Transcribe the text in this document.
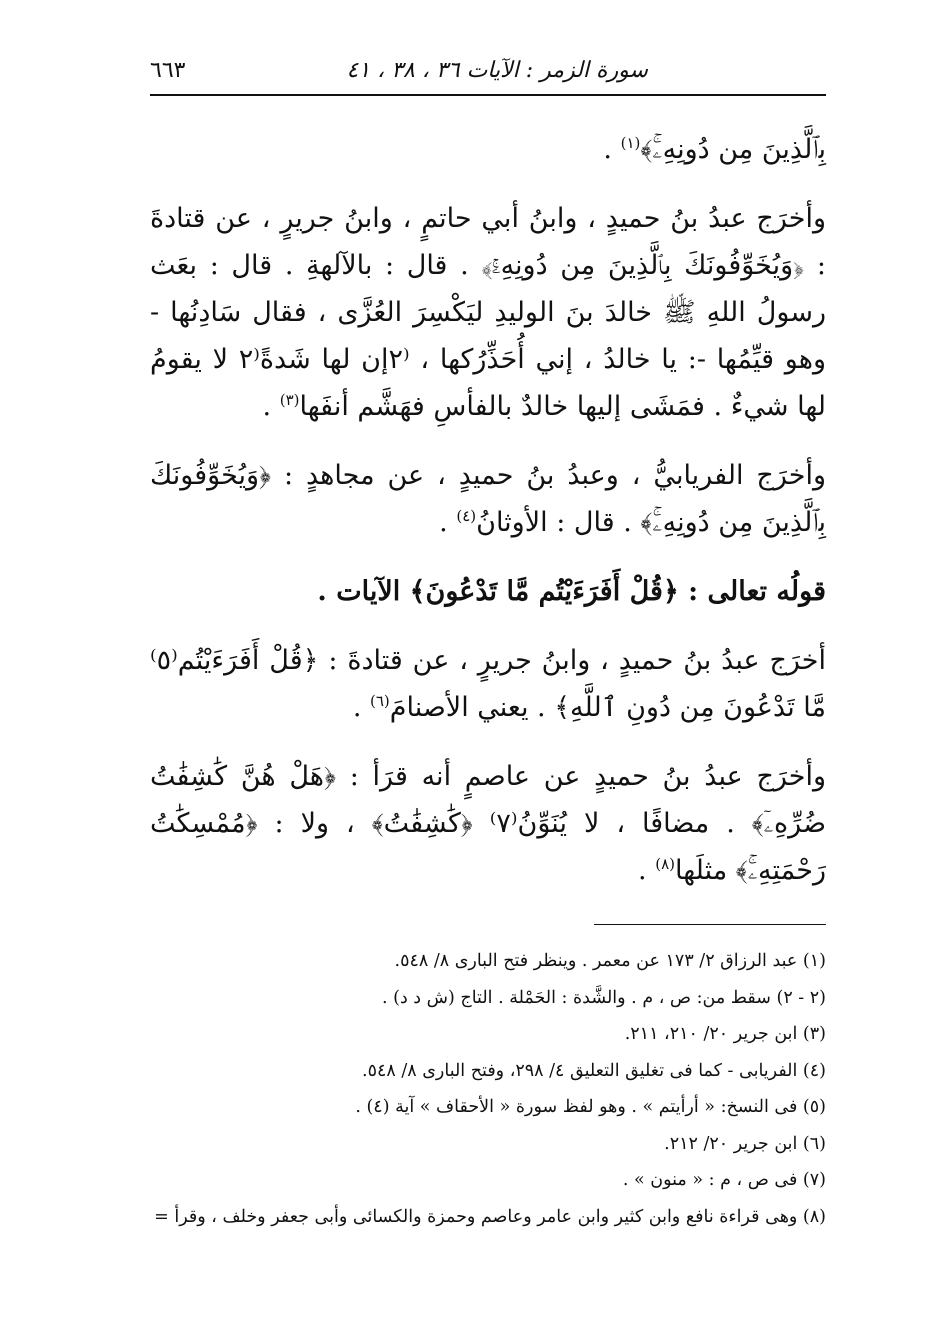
سورة الزمر : الآيات ٣٦ ، ٣٨ ، ٤١
٦٦٣

بِٱلَّذِينَ مِن دُونِهِۦۚ﴾$^{(١)}$ .

وأخرَج عبدُ بنُ حميدٍ ، وابنُ أبي حاتمٍ ، وابنُ جريرٍ ، عن قتادةَ : ﴿وَيُخَوِّفُونَكَ بِٱلَّذِينَ مِن دُونِهِۦۚ﴾ . قال : بالآلهةِ . قال : بعَث رسولُ اللهِ ﷺ خالدَ بنَ الوليدِ ليَكْسِرَ العُزَّى ، فقال سَادِنُها - وهو قيِّمُها -: يا خالدُ ، إني أُحَذِّرُكها ، ⁽٢إن لها شَدةً⁽٢ لا يقومُ لها شيءٌ . فمَشَى إليها خالدٌ بالفأسِ فهَشَّم أنفَها$^{(٣)}$ .

وأخرَج الفريابيُّ ، وعبدُ بنُ حميدٍ ، عن مجاهدٍ : ﴿وَيُخَوِّفُونَكَ بِٱلَّذِينَ مِن دُونِهِۦۚ﴾ . قال : الأوثانُ$^{(٤)}$ .

قولُه تعالى : ﴿قُلْ أَفَرَءَيْتُم مَّا تَدْعُونَ﴾ الآيات .

أخرَج عبدُ بنُ حميدٍ ، وابنُ جريرٍ ، عن قتادةَ : ﴿قُلْ أَفَرَءَيْتُم⁽٥⁾ مَّا تَدْعُونَ مِن دُونِ ٱللَّهِ﴾ . يعني الأصنامَ$^{(٦)}$ .

وأخرَج عبدُ بنُ حميدٍ عن عاصمٍ أنه قرَأ : ﴿هَلْ هُنَّ كَٰشِفَٰتُ ضُرِّهِۦٓ﴾ . مضافًا ، لا يُنَوِّنُ⁽٧⁾ ﴿كَٰشِفَٰتُ﴾ ، ولا : ﴿مُمْسِكَٰتُ رَحْمَتِهِۦۚ﴾ مثلَها$^{(٨)}$ .

(١) عبد الرزاق ٢/ ١٧٣ عن معمر . وينظر فتح البارى ٨/ ٥٤٨.
(٢ - ٢) سقط من: ص ، م . والشَّدة : الحَمْلة . التاج (ش د د) .
(٣) ابن جرير ٢٠/ ٢١٠، ٢١١.
(٤) الفريابى - كما فى تغليق التعليق ٤/ ٢٩٨، وفتح البارى ٨/ ٥٤٨.
(٥) فى النسخ: « أرأيتم » . وهو لفظ سورة « الأحقاف » آية (٤) .
(٦) ابن جرير ٢٠/ ٢١٢.
(٧) فى ص ، م : « منون » .
(٨) وهى قراءة نافع وابن كثير وابن عامر وعاصم وحمزة والكسائى وأبى جعفر وخلف ، وقرأ =
